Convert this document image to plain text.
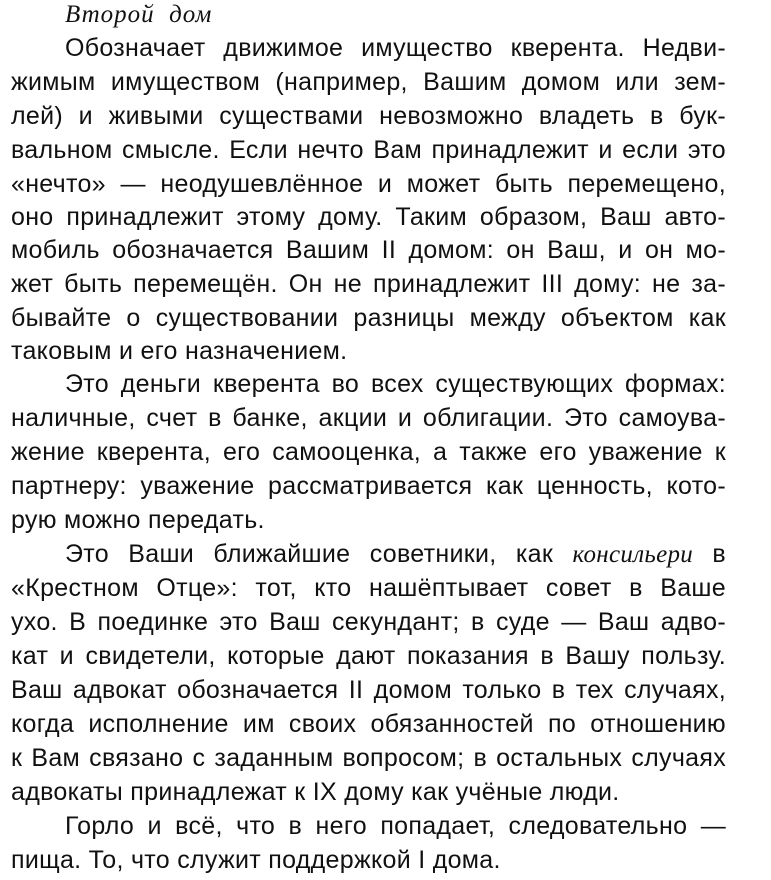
Второй  дом
Обозначает движимое имущество кверента. Недви-
жимым имуществом (например, Вашим домом или зем-
лей) и живыми существами невозможно владеть в бук-
вальном смысле. Если нечто Вам принадлежит и если это
«нечто» — неодушевлённое и может быть перемещено,
оно принадлежит этому дому. Таким образом, Ваш авто-
мобиль обозначается Вашим II домом: он Ваш, и он мо-
жет быть перемещён. Он не принадлежит III дому: не за-
бывайте о существовании разницы между объектом как
таковым и его назначением.
Это деньги кверента во всех существующих формах:
наличные, счет в банке, акции и облигации. Это самоува-
жение кверента, его самооценка, а также его уважение к
партнеру: уважение рассматривается как ценность, кото-
рую можно передать.
Это Ваши ближайшие советники, как консильери в
«Крестном Отце»: тот, кто нашёптывает совет в Ваше
ухо. В поединке это Ваш секундант; в суде — Ваш адво-
кат и свидетели, которые дают показания в Вашу пользу.
Ваш адвокат обозначается II домом только в тех случаях,
когда исполнение им своих обязанностей по отношению
к Вам связано с заданным вопросом; в остальных случаях
адвокаты принадлежат к IX дому как учёные люди.
Горло и всё, что в него попадает, следовательно —
пища. То, что служит поддержкой I дома.
